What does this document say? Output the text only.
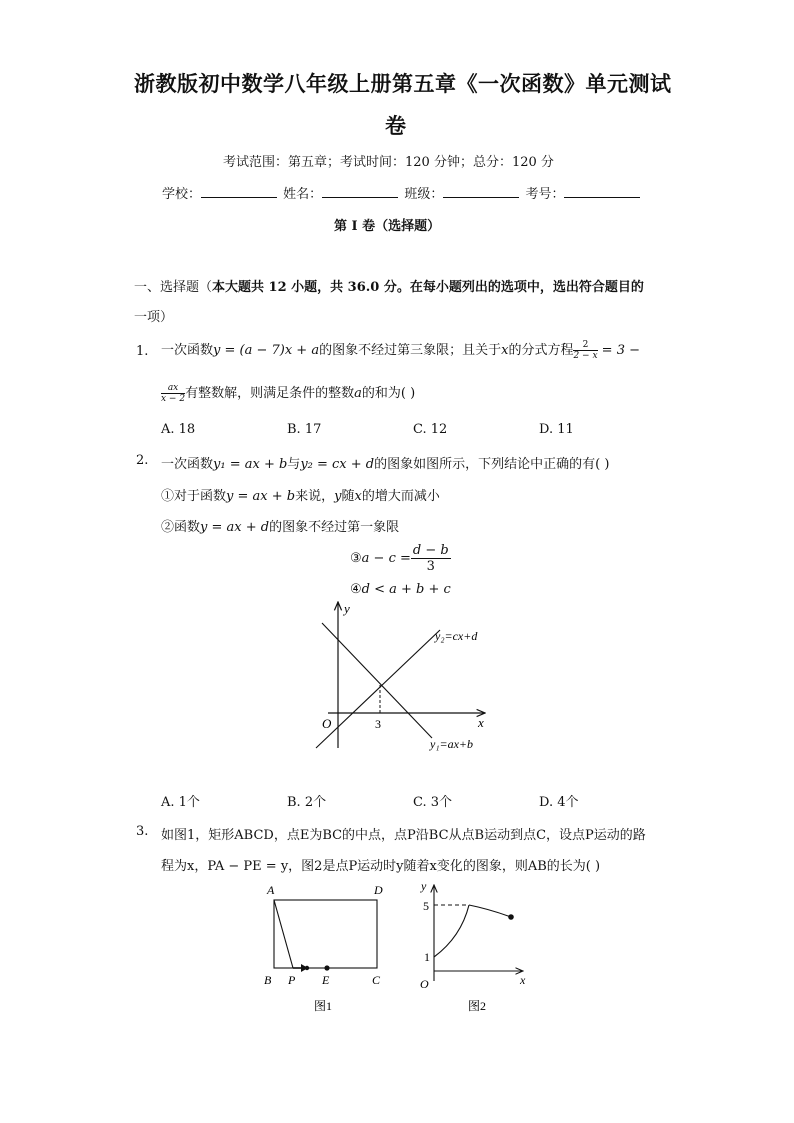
浙教版初中数学八年级上册第五章《一次函数》单元测试
卷
考试范围：第五章；考试时间：120 分钟；总分：120 分
学校：	姓名：	班级：	考号：
第 I 卷（选择题）
一、选择题（本大题共 12 小题，共 36.0 分。在每小题列出的选项中，选出符合题目的
一项）
1. 一次函数y = (a − 7)x + a的图象不经过第三象限；且关于x的分式方程 $\frac{2}{2 - x} = 3$ −
$\frac{ax}{x - 2}$ 有整数解，则满足条件的整数a的和为( )
A. 18	B. 17	C. 12	D. 11
2. 一次函数y₁ = ax + b与y₂ = cx + d的图象如图所示，下列结论中正确的有( )
①对于函数y = ax + b来说，y随x的增大而减小
②函数y = ax + d的图象不经过第一象限
③a − $c = \frac{d - b}{3}$
④d < a + b + c
y
x
O	3
y₂=cx+d
y₁=ax+b
A. 1个	B. 2个	C. 3个	D. 4个
3. 如图1，矩形ABCD，点E为BC的中点，点P沿BC从点B运动到点C，设点P运动的路
程为x，PA − PE = y，图2是点P运动时y随着x变化的图象，则AB的长为( )
A	D
B P E	C
图1
y
x
O
5
1
图2
